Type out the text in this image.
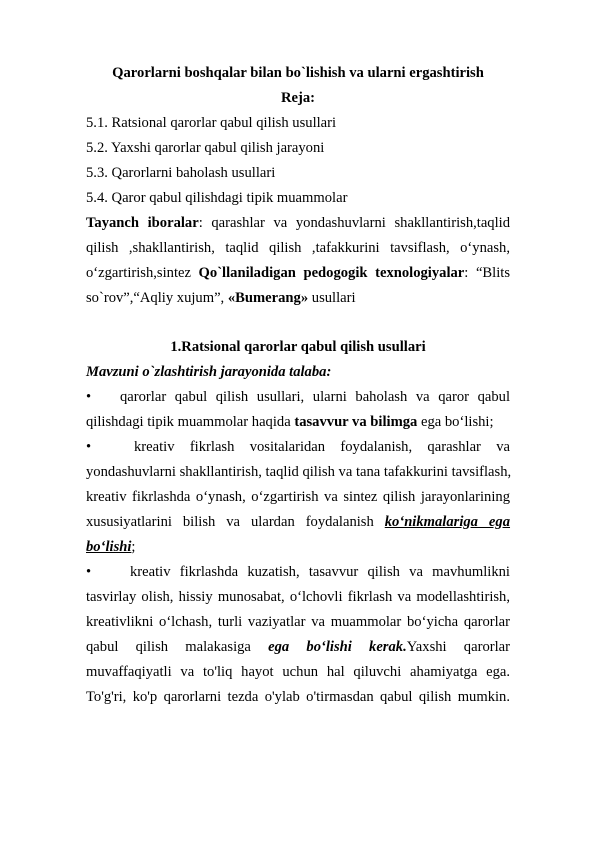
Qarorlarni boshqalar bilan bo`lishish va ularni ergashtirish
Reja:
5.1. Ratsional qarorlar qabul qilish usullari
5.2. Yaxshi qarorlar qabul qilish jarayoni
5.3. Qarorlarni baholash usullari
5.4. Qaror qabul qilishdagi tipik muammolar
Tayanch iboralar: qarashlar va yondashuvlarni shakllantirish,taqlid
qilish ,shakllantirish, taqlid qilish ,tafakkurini tavsiflash, o‘ynash,
o‘zgartirish,sintez Qo`llaniladigan pedogogik texnologiyalar: “Blits
so`rov”,“Aqliy xujum”, «Bumerang» usullari
1.Ratsional qarorlar qabul qilish usullari
Mavzuni o`zlashtirish jarayonida talaba:
•	qarorlar qabul qilish usullari, ularni baholash va qaror qabul
qilishdagi tipik muammolar haqida tasavvur va bilimga ega bo‘lishi;
•	kreativ fikrlash vositalaridan foydalanish, qarashlar va
yondashuvlarni shakllantirish, taqlid qilish va tana tafakkurini tavsiflash,
kreativ fikrlashda o‘ynash, o‘zgartirish va sintez qilish jarayonlarining
xususiyatlarini bilish va ulardan foydalanish ko‘nikmalariga ega
bo‘lishi;
•	kreativ fikrlashda kuzatish, tasavvur qilish va mavhumlikni
tasvirlay olish, hissiy munosabat, o‘lchovli fikrlash va modellashtirish,
kreativlikni o‘lchash, turli vaziyatlar va muammolar bo‘yicha qarorlar
qabul qilish malakasiga ega bo‘lishi kerak.Yaxshi qarorlar
muvaffaqiyatli va to'liq hayot uchun hal qiluvchi ahamiyatga ega.
To'g'ri, ko'p qarorlarni tezda o'ylab o'tirmasdan qabul qilish mumkin.
